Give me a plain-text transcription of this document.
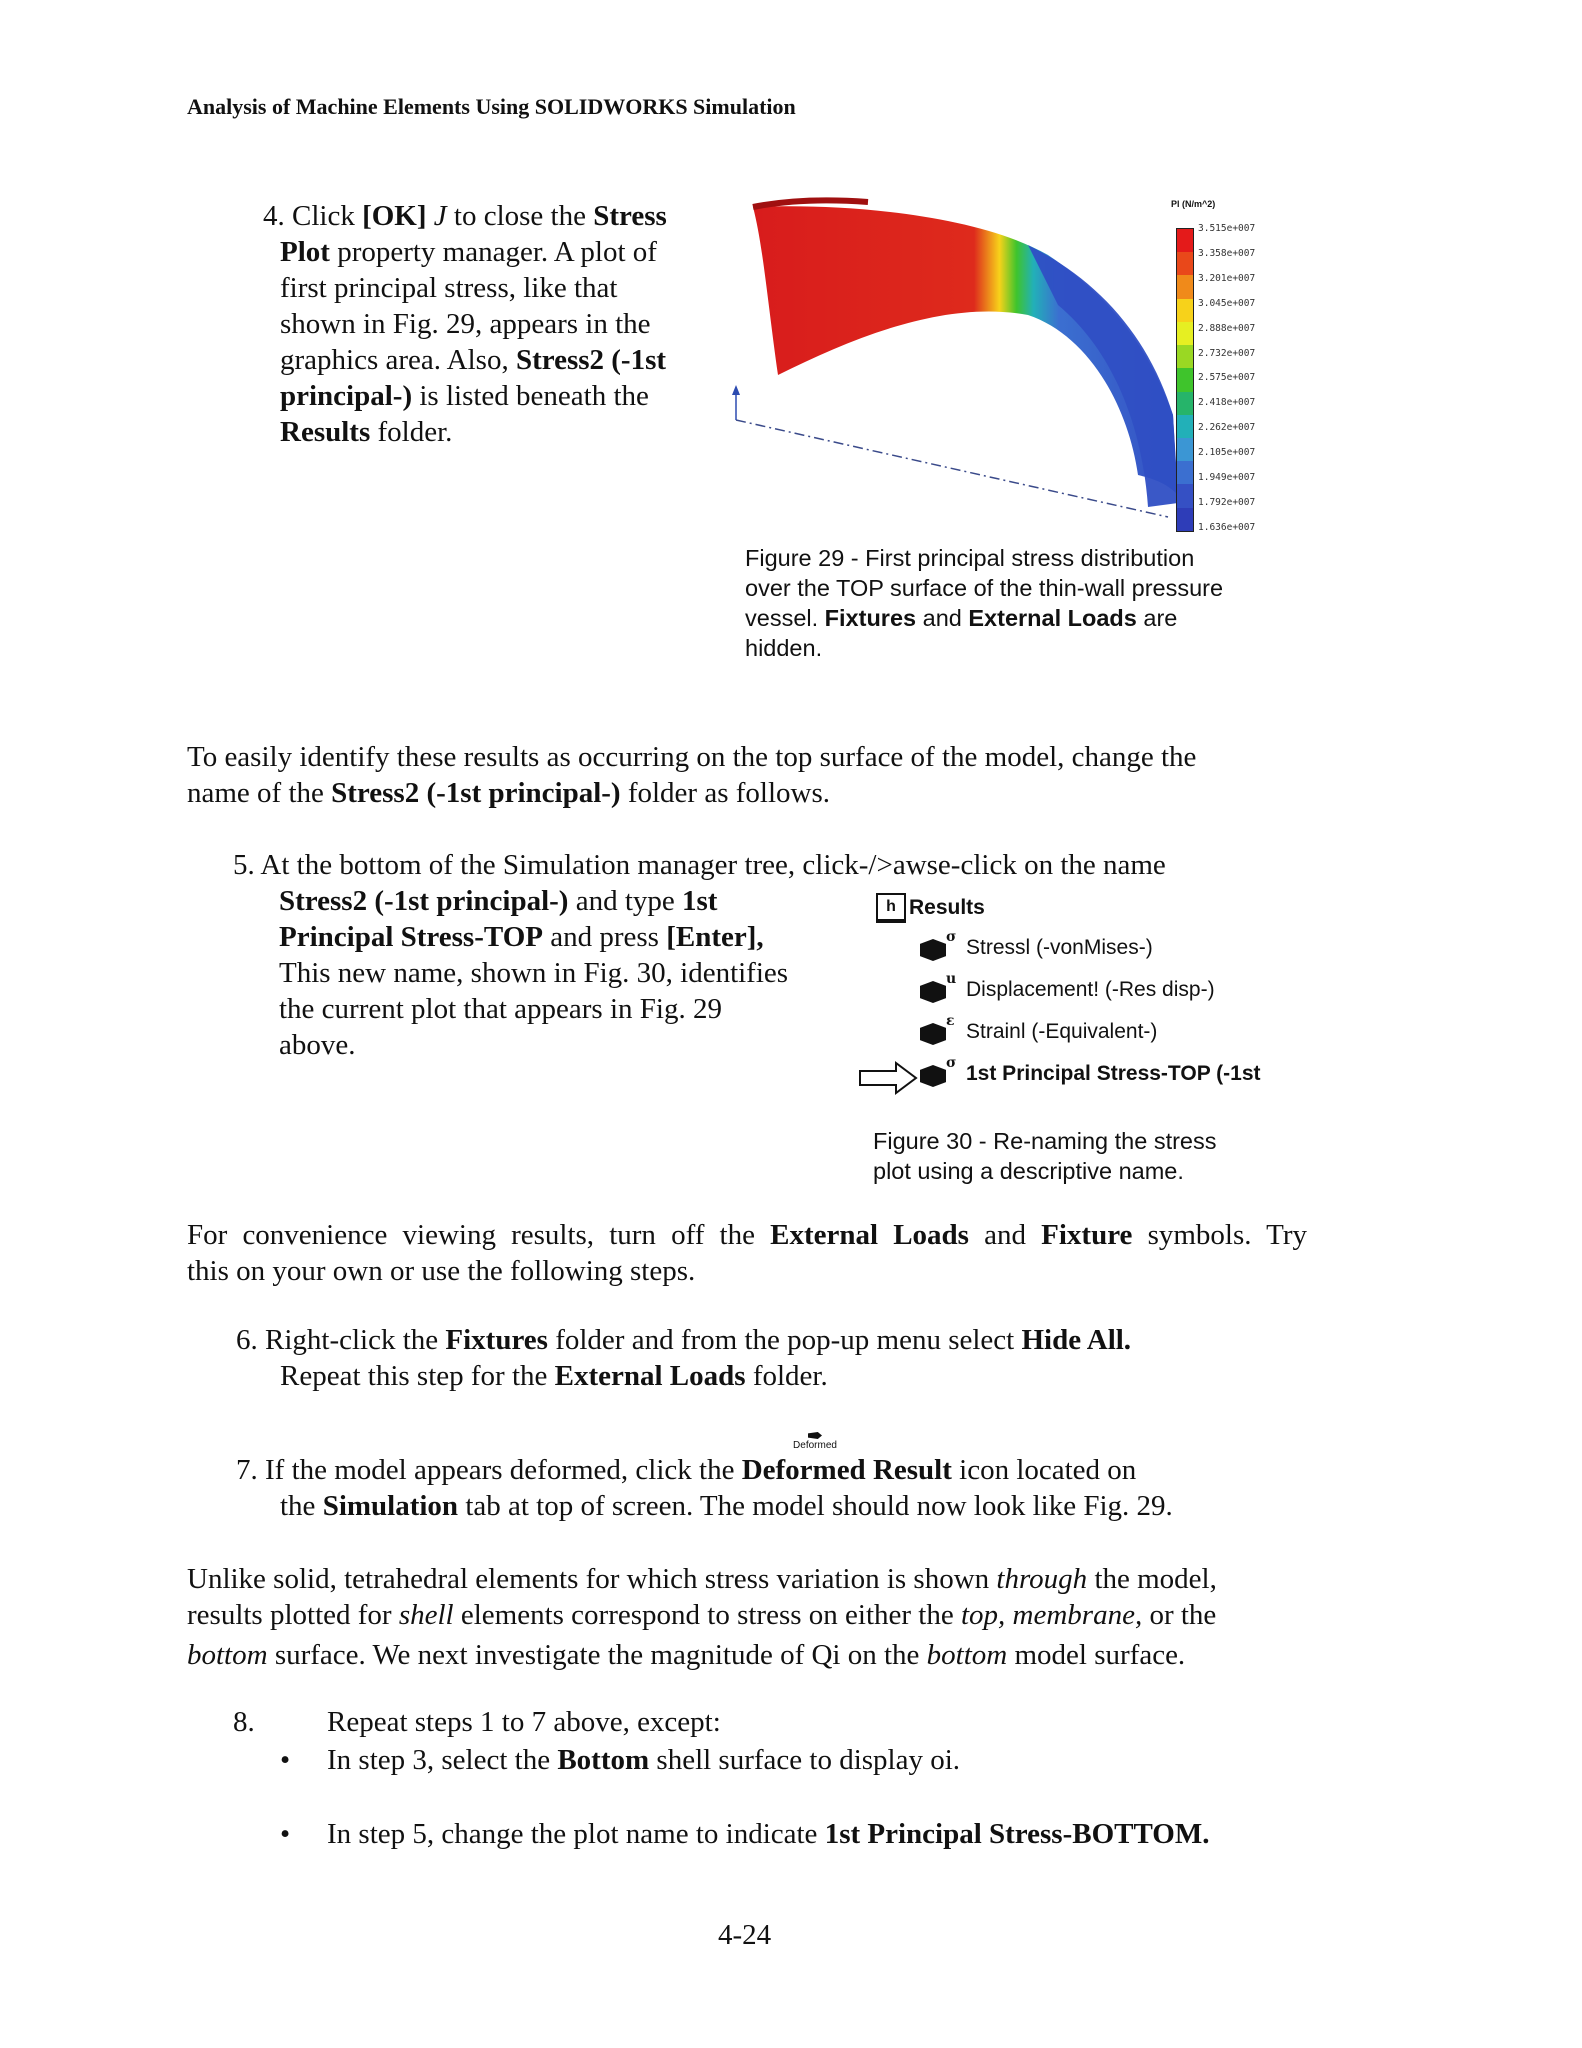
Analysis of Machine Elements Using SOLIDWORKS Simulation
4. Click [OK] J to close the Stress
Plot property manager. A plot of
first principal stress, like that
shown in Fig. 29, appears in the
graphics area. Also, Stress2 (-1st
principal-) is listed beneath the
Results folder.
Pl (N/m^2)
3.515e+007
3.358e+007
3.201e+007
3.045e+007
2.888e+007
2.732e+007
2.575e+007
2.418e+007
2.262e+007
2.105e+007
1.949e+007
1.792e+007
1.636e+007
Figure 29 - First principal stress distribution
over the TOP surface of the thin-wall pressure
vessel. Fixtures and External Loads are
hidden.
To easily identify these results as occurring on the top surface of the model, change the
name of the Stress2 (-1st principal-) folder as follows.
5. At the bottom of the Simulation manager tree, click-/>awse-click on the name
Stress2 (-1st principal-) and type 1st
Principal Stress-TOP and press [Enter],
This new name, shown in Fig. 30, identifies
the current plot that appears in Fig. 29
above.
h Results
σ Stressl (-vonMises-)
u Displacement! (-Res disp-)
ε Strainl (-Equivalent-)
σ 1st Principal Stress-TOP (-1st
Figure 30 - Re-naming the stress
plot using a descriptive name.
For convenience viewing results, turn off the External Loads and Fixture symbols. Try
this on your own or use the following steps.
6. Right-click the Fixtures folder and from the pop-up menu select Hide All.
Repeat this step for the External Loads folder.
Deformed
7. If the model appears deformed, click the Deformed Result icon located on
the Simulation tab at top of screen. The model should now look like Fig. 29.
Unlike solid, tetrahedral elements for which stress variation is shown through the model,
results plotted for shell elements correspond to stress on either the top, membrane, or the
bottom surface. We next investigate the magnitude of Qi on the bottom model surface.
8. Repeat steps 1 to 7 above, except:
• In step 3, select the Bottom shell surface to display oi.
• In step 5, change the plot name to indicate 1st Principal Stress-BOTTOM.
4-24
